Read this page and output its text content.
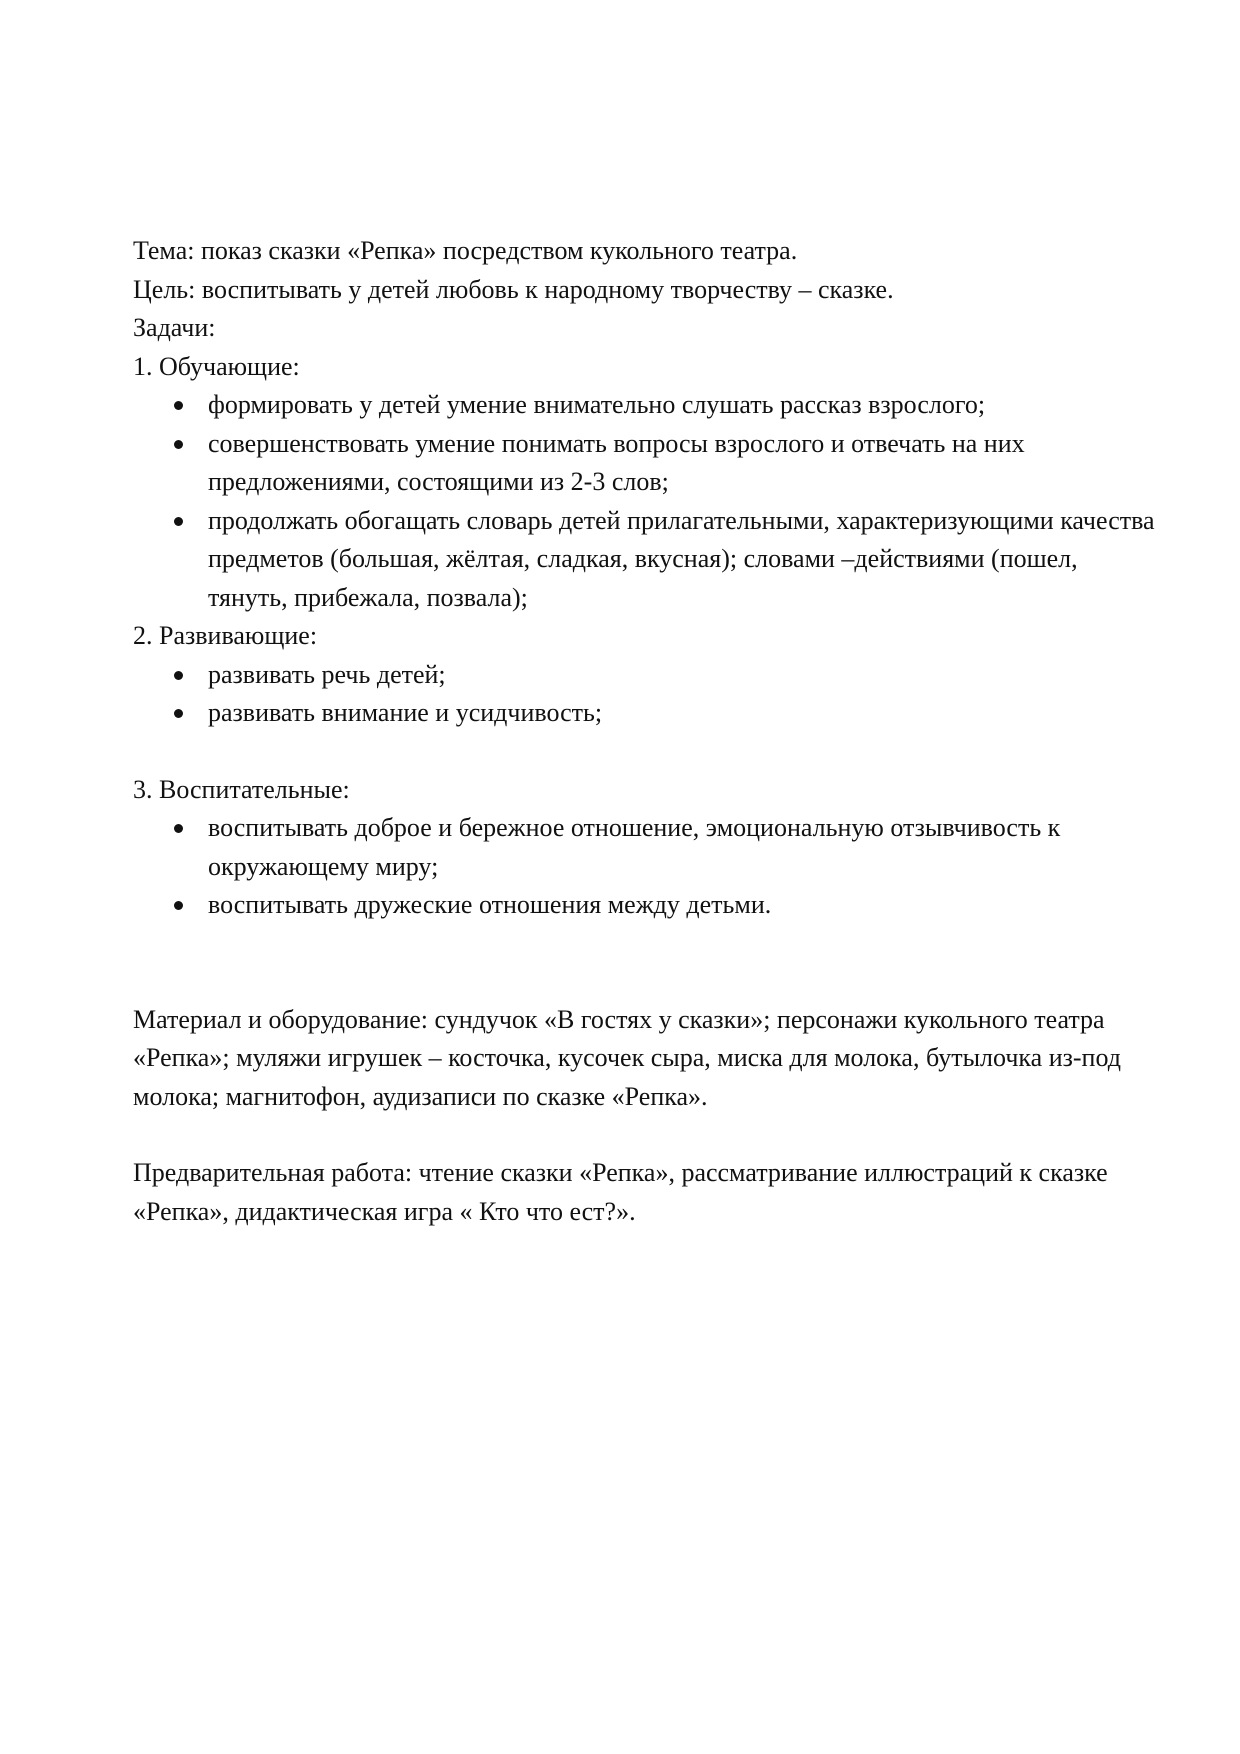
Тема: показ сказки «Репка» посредством кукольного театра.

Цель: воспитывать у детей любовь к народному творчеству – сказке.

Задачи:

1. Обучающие:

формировать у детей умение внимательно слушать рассказ взрослого;
совершенствовать умение понимать вопросы взрослого и отвечать на них предложениями, состоящими из 2-3 слов;
продолжать обогащать словарь детей прилагательными, характеризующими качества предметов (большая, жёлтая, сладкая, вкусная); словами –действиями (пошел, тянуть, прибежала, позвала);

2. Развивающие:

развивать речь детей;
развивать внимание и усидчивость;

3. Воспитательные:

воспитывать доброе и бережное отношение, эмоциональную отзывчивость к окружающему миру;
воспитывать дружеские отношения между детьми.

Материал и оборудование: сундучок «В гостях у сказки»; персонажи кукольного театра «Репка»; муляжи игрушек – косточка, кусочек сыра, миска для молока, бутылочка из-под молока; магнитофон, аудизаписи по сказке «Репка».

Предварительная работа: чтение сказки «Репка», рассматривание иллюстраций к сказке «Репка», дидактическая игра « Кто что ест?».
